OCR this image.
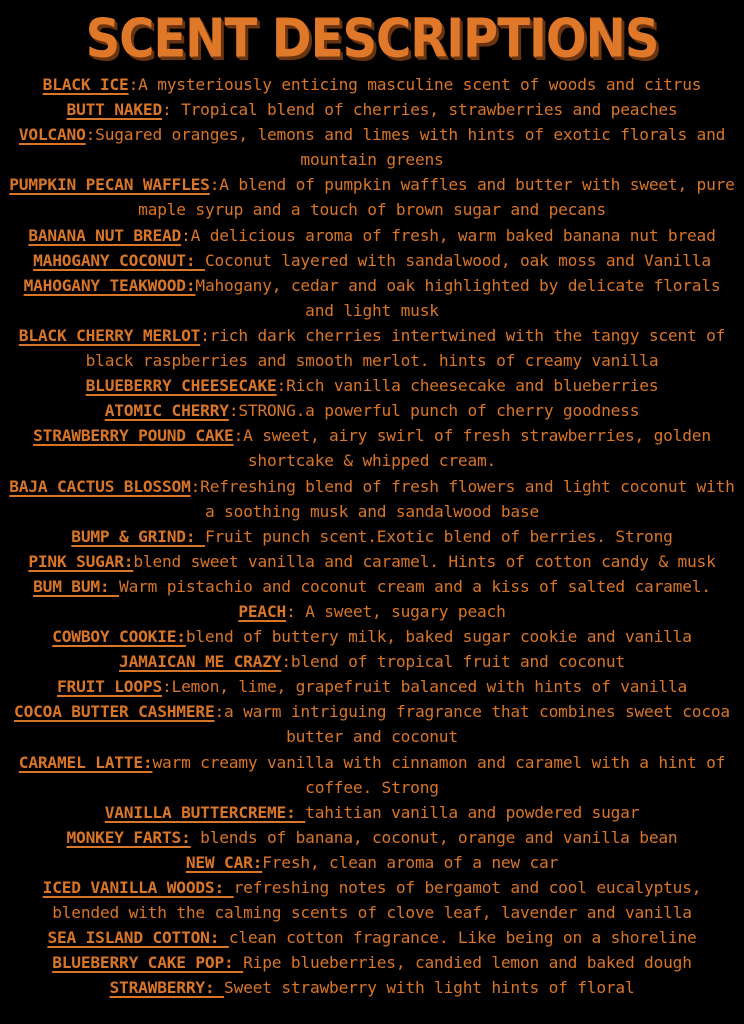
SCENT DESCRIPTIONS
BLACK ICE:A mysteriously enticing masculine scent of woods and citrus
BUTT NAKED: Tropical blend of cherries, strawberries and peaches
VOLCANO:Sugared oranges, lemons and limes with hints of exotic florals and mountain greens
PUMPKIN PECAN WAFFLES:A blend of pumpkin waffles and butter with sweet, pure maple syrup and a touch of brown sugar and pecans
BANANA NUT BREAD:A delicious aroma of fresh, warm baked banana nut bread
MAHOGANY COCONUT: Coconut layered with sandalwood, oak moss and Vanilla
MAHOGANY TEAKWOOD:Mahogany, cedar and oak highlighted by delicate florals and light musk
BLACK CHERRY MERLOT:rich dark cherries intertwined with the tangy scent of black raspberries and smooth merlot. hints of creamy vanilla
BLUEBERRY CHEESECAKE:Rich vanilla cheesecake and blueberries
ATOMIC CHERRY:STRONG.a powerful punch of cherry goodness
STRAWBERRY POUND CAKE:A sweet, airy swirl of fresh strawberries, golden shortcake & whipped cream.
BAJA CACTUS BLOSSOM:Refreshing blend of fresh flowers and light coconut with a soothing musk and sandalwood base
BUMP & GRIND: Fruit punch scent.Exotic blend of berries. Strong
PINK SUGAR:blend sweet vanilla and caramel. Hints of cotton candy & musk
BUM BUM: Warm pistachio and coconut cream and a kiss of salted caramel.
PEACH: A sweet, sugary peach
COWBOY COOKIE:blend of buttery milk, baked sugar cookie and vanilla
JAMAICAN ME CRAZY:blend of tropical fruit and coconut
FRUIT LOOPS:Lemon, lime, grapefruit balanced with hints of vanilla
COCOA BUTTER CASHMERE:a warm intriguing fragrance that combines sweet cocoa butter and coconut
CARAMEL LATTE:warm creamy vanilla with cinnamon and caramel with a hint of coffee. Strong
VANILLA BUTTERCREME: tahitian vanilla and powdered sugar
MONKEY FARTS: blends of banana, coconut, orange and vanilla bean
NEW CAR:Fresh, clean aroma of a new car
ICED VANILLA WOODS: refreshing notes of bergamot and cool eucalyptus, blended with the calming scents of clove leaf, lavender and vanilla
SEA ISLAND COTTON: clean cotton fragrance. Like being on a shoreline
BLUEBERRY CAKE POP: Ripe blueberries, candied lemon and baked dough
STRAWBERRY: Sweet strawberry with light hints of floral
